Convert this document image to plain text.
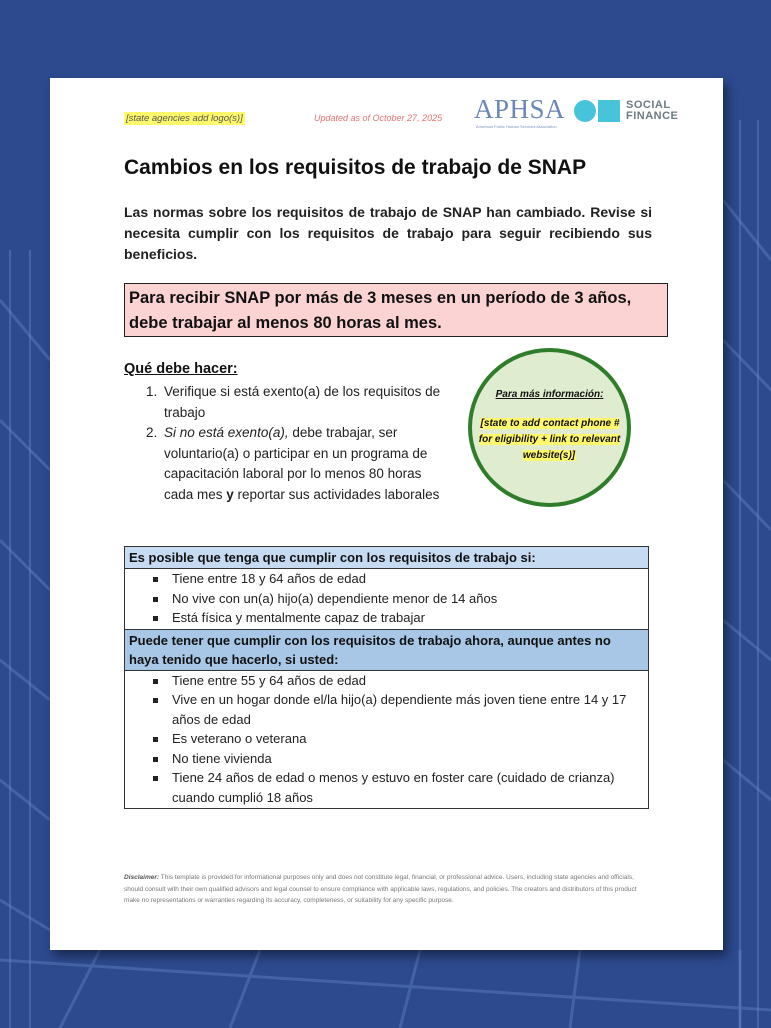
[state agencies add logo(s)]	Updated as of October 27, 2025 APHSA
American Public Human Services Association
SOCIAL
FINANCE
Cambios en los requisitos de trabajo de SNAP

Las normas sobre los requisitos de trabajo de SNAP han cambiado. Revise si necesita cumplir con los requisitos de trabajo para seguir recibiendo sus beneficios.

Para recibir SNAP por más de 3 meses en un período de 3 años, debe trabajar al menos 80 horas al mes.
Qué debe hacer:
1. Verifique si está exento(a) de los requisitos de trabajo
2. Si no está exento(a), debe trabajar, ser voluntario(a) o participar en un programa de capacitación laboral por lo menos 80 horas cada mes y reportar sus actividades laborales
Para más información:
[state to add contact phone # for eligibility + link to relevant website(s)]
Es posible que tenga que cumplir con los requisitos de trabajo si:
Tiene entre 18 y 64 años de edad
No vive con un(a) hijo(a) dependiente menor de 14 años
Está física y mentalmente capaz de trabajar
Puede tener que cumplir con los requisitos de trabajo ahora, aunque antes no haya tenido que hacerlo, si usted:
Tiene entre 55 y 64 años de edad
Vive en un hogar donde el/la hijo(a) dependiente más joven tiene entre 14 y 17 años de edad
Es veterano o veterana
No tiene vivienda
Tiene 24 años de edad o menos y estuvo en foster care (cuidado de crianza) cuando cumplió 18 años
Disclaimer: This template is provided for informational purposes only and does not constitute legal, financial, or professional advice. Users, including state agencies and officials, should consult with their own qualified advisors and legal counsel to ensure compliance with applicable laws, regulations, and policies. The creators and distributors of this product make no representations or warranties regarding its accuracy, completeness, or suitability for any specific purpose.
